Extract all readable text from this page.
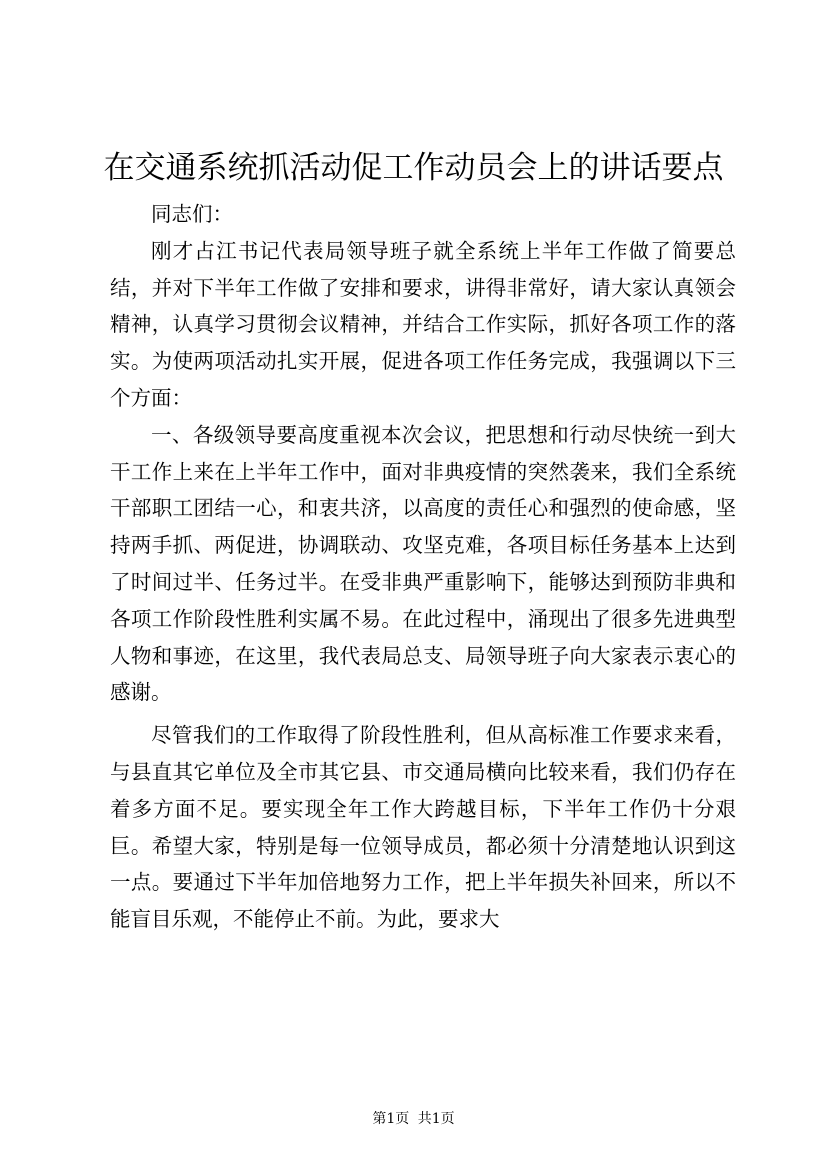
在交通系统抓活动促工作动员会上的讲话要点

同志们：

刚才占江书记代表局领导班子就全系统上半年工作做了简要总结，并对下半年工作做了安排和要求，讲得非常好，请大家认真领会精神，认真学习贯彻会议精神，并结合工作实际，抓好各项工作的落实。为使两项活动扎实开展，促进各项工作任务完成，我强调以下三个方面：

一、各级领导要高度重视本次会议，把思想和行动尽快统一到大干工作上来在上半年工作中，面对非典疫情的突然袭来，我们全系统干部职工团结一心，和衷共济，以高度的责任心和强烈的使命感，坚持两手抓、两促进，协调联动、攻坚克难，各项目标任务基本上达到了时间过半、任务过半。在受非典严重影响下，能够达到预防非典和各项工作阶段性胜利实属不易。在此过程中，涌现出了很多先进典型人物和事迹，在这里，我代表局总支、局领导班子向大家表示衷心的感谢。

尽管我们的工作取得了阶段性胜利，但从高标准工作要求来看，与县直其它单位及全市其它县、市交通局横向比较来看，我们仍存在着多方面不足。要实现全年工作大跨越目标，下半年工作仍十分艰巨。希望大家，特别是每一位领导成员，都必须十分清楚地认识到这一点。要通过下半年加倍地努力工作，把上半年损失补回来，所以不能盲目乐观，不能停止不前。为此，要求大

第1页 共1页
